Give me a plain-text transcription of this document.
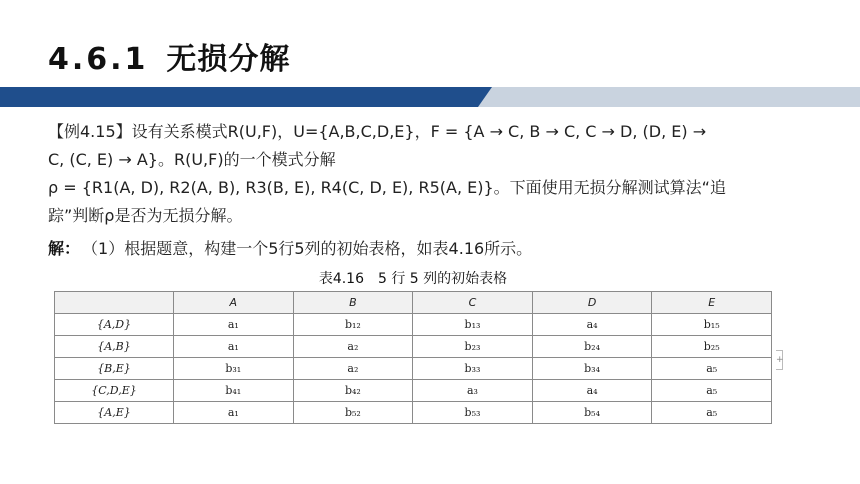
4.6.1 无损分解
【例4.15】设有关系模式R(U,F)，U={A,B,C,D,E}，F = {A → C, B → C, C → D, (D, E) →
C, (C, E) → A}。R(U,F)的一个模式分解
ρ = {R1(A, D), R2(A, B), R3(B, E), R4(C, D, E), R5(A, E)}。下面使用无损分解测试算法“追
踪”判断ρ是否为无损分解。
解： （1）根据题意，构建一个5行5列的初始表格，如表4.16所示。
表4.16　5 行 5 列的初始表格
	A	B	C	D	E
{A,D}	a₁	b₁₂	b₁₃	a₄	b₁₅
{A,B}	a₁	a₂	b₂₃	b₂₄	b₂₅
{B,E}	b₃₁	a₂	b₃₃	b₃₄	a₅
{C,D,E}	b₄₁	b₄₂	a₃	a₄	a₅
{A,E}	a₁	b₅₂	b₅₃	b₅₄	a₅
+
